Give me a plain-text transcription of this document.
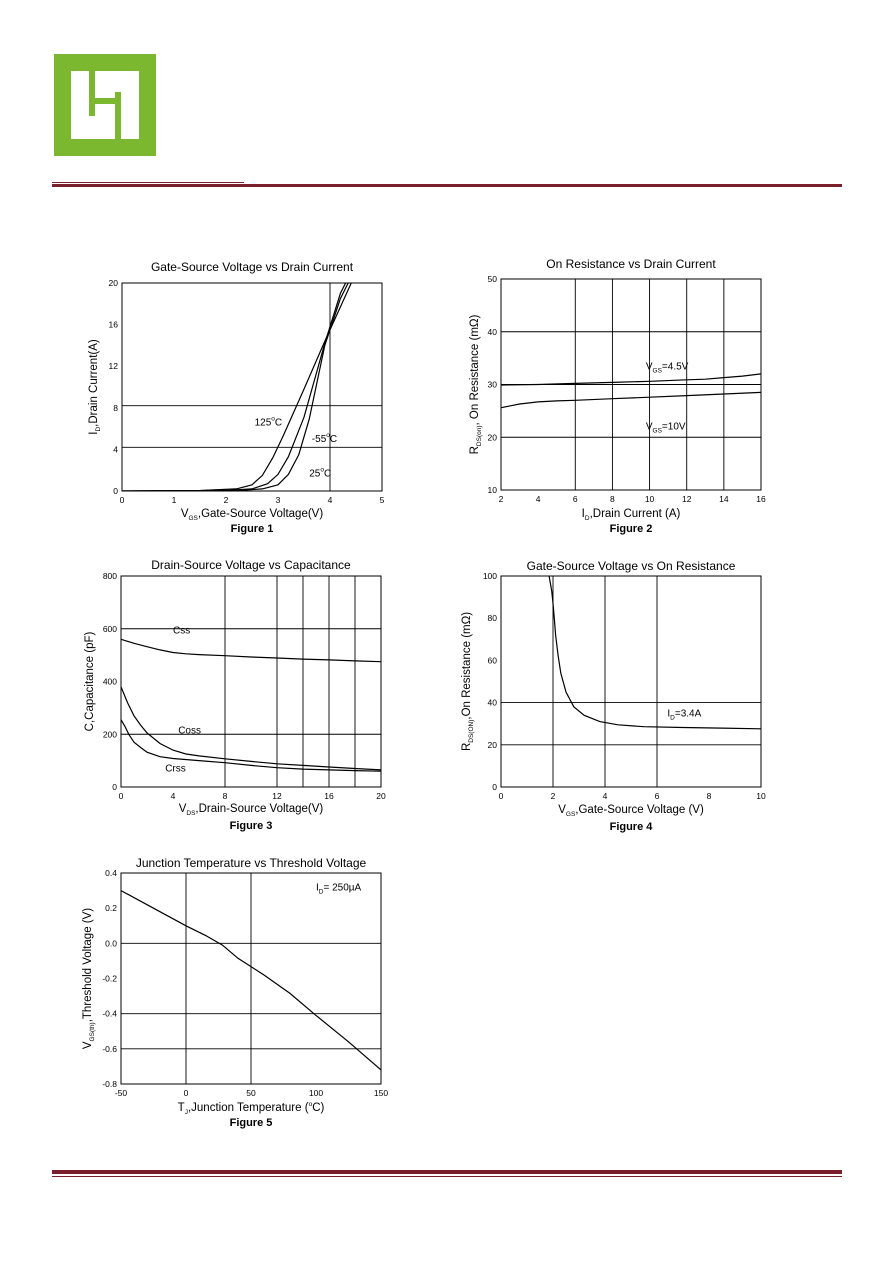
Gate-Source Voltage vs Drain Current
0	1	2	3	4	5
0
4
8
12
16
20
125$^o$C
-55$^o$C
25$^o$C
$V_{GS},Gate$-Source Voltage(V)
$I_D,Drain$ Current(A)
Figure 1
On Resistance vs Drain Current
2	4	6	8	10	12	14	16
10
20
30
40
50
$V_{GS}=4.5V$
$V_{GS}=10V$
$I_D,Drain$ Current (A)
$R_{DS(on)}$, On Resistance (mΩ)
Figure 2
Drain-Source Voltage vs Capacitance
0	4	8	12	16	20
0
200
400
600
800
Css
Coss
Crss
$V_{DS},Drain$-Source Voltage(V)
C,Capacitance (pF)
Figure 3
Gate-Source Voltage vs On Resistance
0	2	4	6	8	10
0
20
40
60
80
100
$I_D=3.4A$
$V_{GS},Gate$-Source Voltage (V)
$R_{DS(ON)},On$ Resistance (mΩ)
Figure 4
Junction Temperature vs Threshold Voltage
-50	0	50	100	150
0.4
0.2
0.0
-0.2
-0.4
-0.6
-0.8
$I_D= 250\mu A$
$T_J,Junction$ Temperature ($^o$C)
$V_{GS(th)},Threshold$ Voltage (V)
Figure 5
